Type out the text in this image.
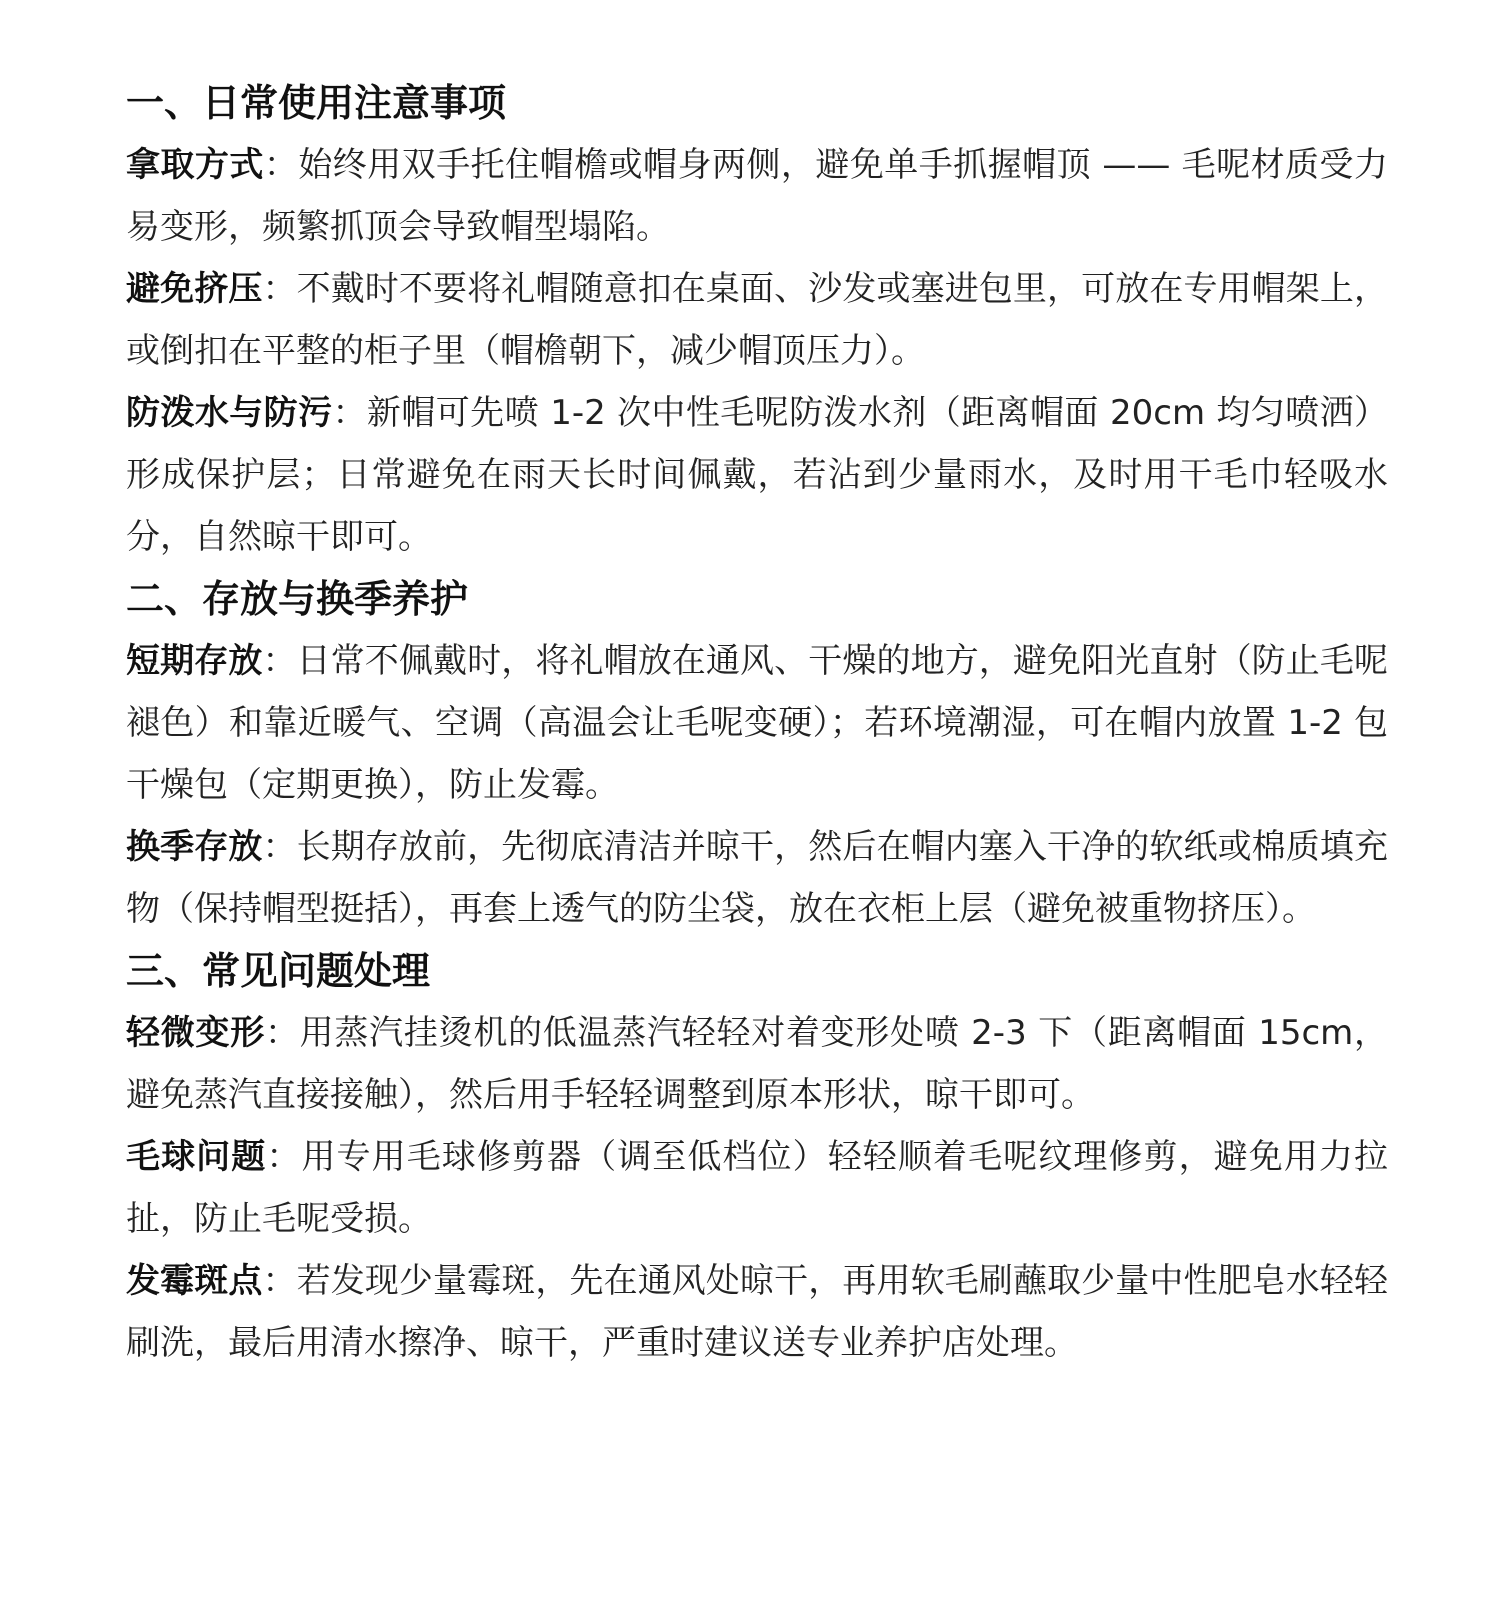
一、日常使用注意事项

拿取方式：始终用双手托住帽檐或帽身两侧，避免单手抓握帽顶 —— 毛呢材质受力易变形，频繁抓顶会导致帽型塌陷。

避免挤压：不戴时不要将礼帽随意扣在桌面、沙发或塞进包里，可放在专用帽架上，或倒扣在平整的柜子里（帽檐朝下，减少帽顶压力）。

防泼水与防污：新帽可先喷 1-2 次中性毛呢防泼水剂（距离帽面 20cm 均匀喷洒）形成保护层；日常避免在雨天长时间佩戴，若沾到少量雨水，及时用干毛巾轻吸水分，自然晾干即可。

二、存放与换季养护

短期存放：日常不佩戴时，将礼帽放在通风、干燥的地方，避免阳光直射（防止毛呢褪色）和靠近暖气、空调（高温会让毛呢变硬）；若环境潮湿，可在帽内放置 1-2 包干燥包（定期更换），防止发霉。

换季存放：长期存放前，先彻底清洁并晾干，然后在帽内塞入干净的软纸或棉质填充物（保持帽型挺括），再套上透气的防尘袋，放在衣柜上层（避免被重物挤压）。

三、常见问题处理

轻微变形：用蒸汽挂烫机的低温蒸汽轻轻对着变形处喷 2-3 下（距离帽面 15cm，避免蒸汽直接接触），然后用手轻轻调整到原本形状，晾干即可。

毛球问题：用专用毛球修剪器（调至低档位）轻轻顺着毛呢纹理修剪，避免用力拉扯，防止毛呢受损。

发霉斑点：若发现少量霉斑，先在通风处晾干，再用软毛刷蘸取少量中性肥皂水轻轻刷洗，最后用清水擦净、晾干，严重时建议送专业养护店处理。
